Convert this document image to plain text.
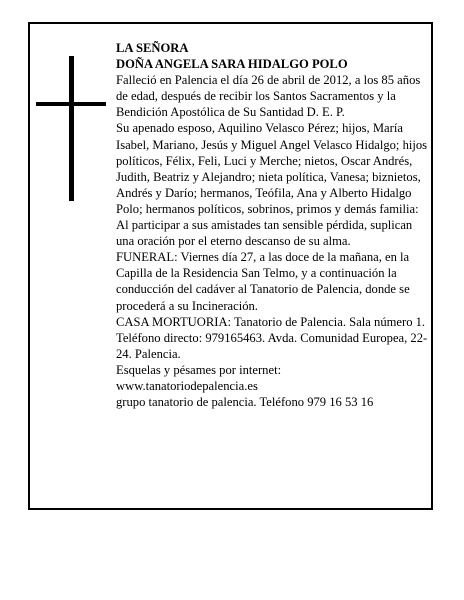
LA SEÑORA

DOÑA ANGELA SARA HIDALGO POLO

Falleció en Palencia el día 26 de abril de 2012, a los 85 años de edad, después de recibir los Santos Sacramentos y la Bendición Apostólica de Su Santidad D. E. P.

Su apenado esposo, Aquilino Velasco Pérez; hijos, María Isabel, Mariano, Jesús y Miguel Angel Velasco Hidalgo; hijos políticos, Félix, Feli, Luci y Merche; nietos, Oscar Andrés, Judith, Beatriz y Alejandro; nieta política, Vanesa; biznietos, Andrés y Darío; hermanos, Teófila, Ana y Alberto Hidalgo Polo; hermanos políticos, sobrinos, primos y demás familia:

Al participar a sus amistades tan sensible pérdida, suplican una oración por el eterno descanso de su alma.

FUNERAL: Viernes día 27, a las doce de la mañana, en la Capilla de la Residencia San Telmo, y a continuación la conducción del cadáver al Tanatorio de Palencia, donde se procederá a su Incineración.

CASA MORTUORIA: Tanatorio de Palencia. Sala número 1. Teléfono directo: 979165463. Avda. Comunidad Europea, 22-24. Palencia.

Esquelas y pésames por internet:

www.tanatoriodepalencia.es

grupo tanatorio de palencia. Teléfono 979 16 53 16
